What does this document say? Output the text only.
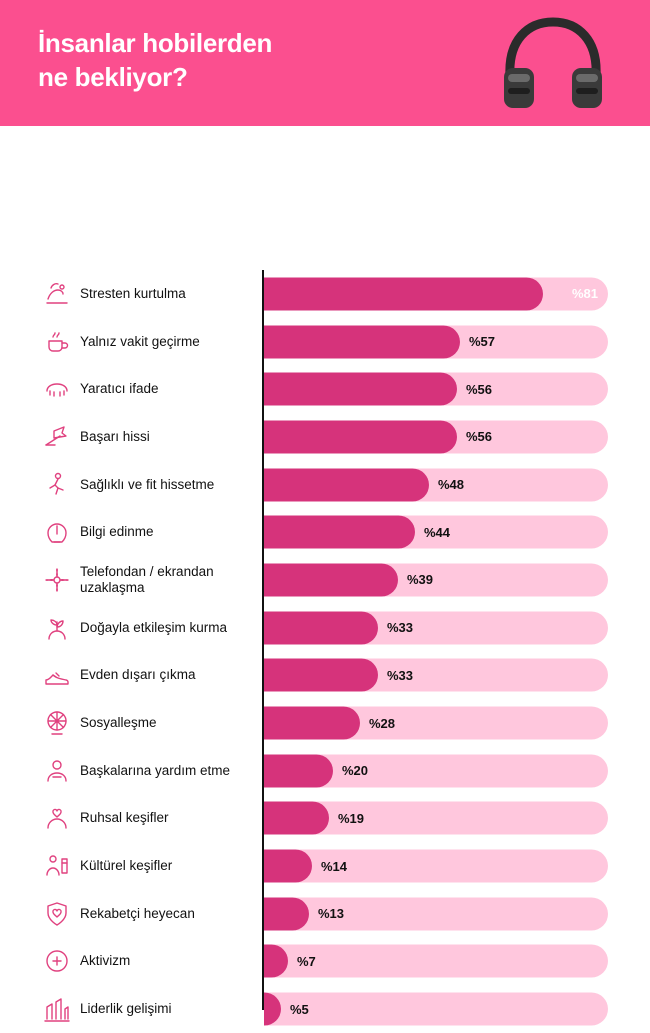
İnsanlar hobilerden
ne bekliyor?
Stresten kurtulma	%81
Yalnız vakit geçirme	%57
Yaratıcı ifade	%56
Başarı hissi	%56
Sağlıklı ve fit hissetme	%48
Bilgi edinme	%44
Telefondan / ekrandan
uzaklaşma	%39
Doğayla etkileşim kurma	%33
Evden dışarı çıkma	%33
Sosyalleşme	%28
Başkalarına yardım etme	%20
Ruhsal keşifler	%19
Kültürel keşifler	%14
Rekabetçi heyecan	%13
Aktivizm	%7
Liderlik gelişimi	%5
